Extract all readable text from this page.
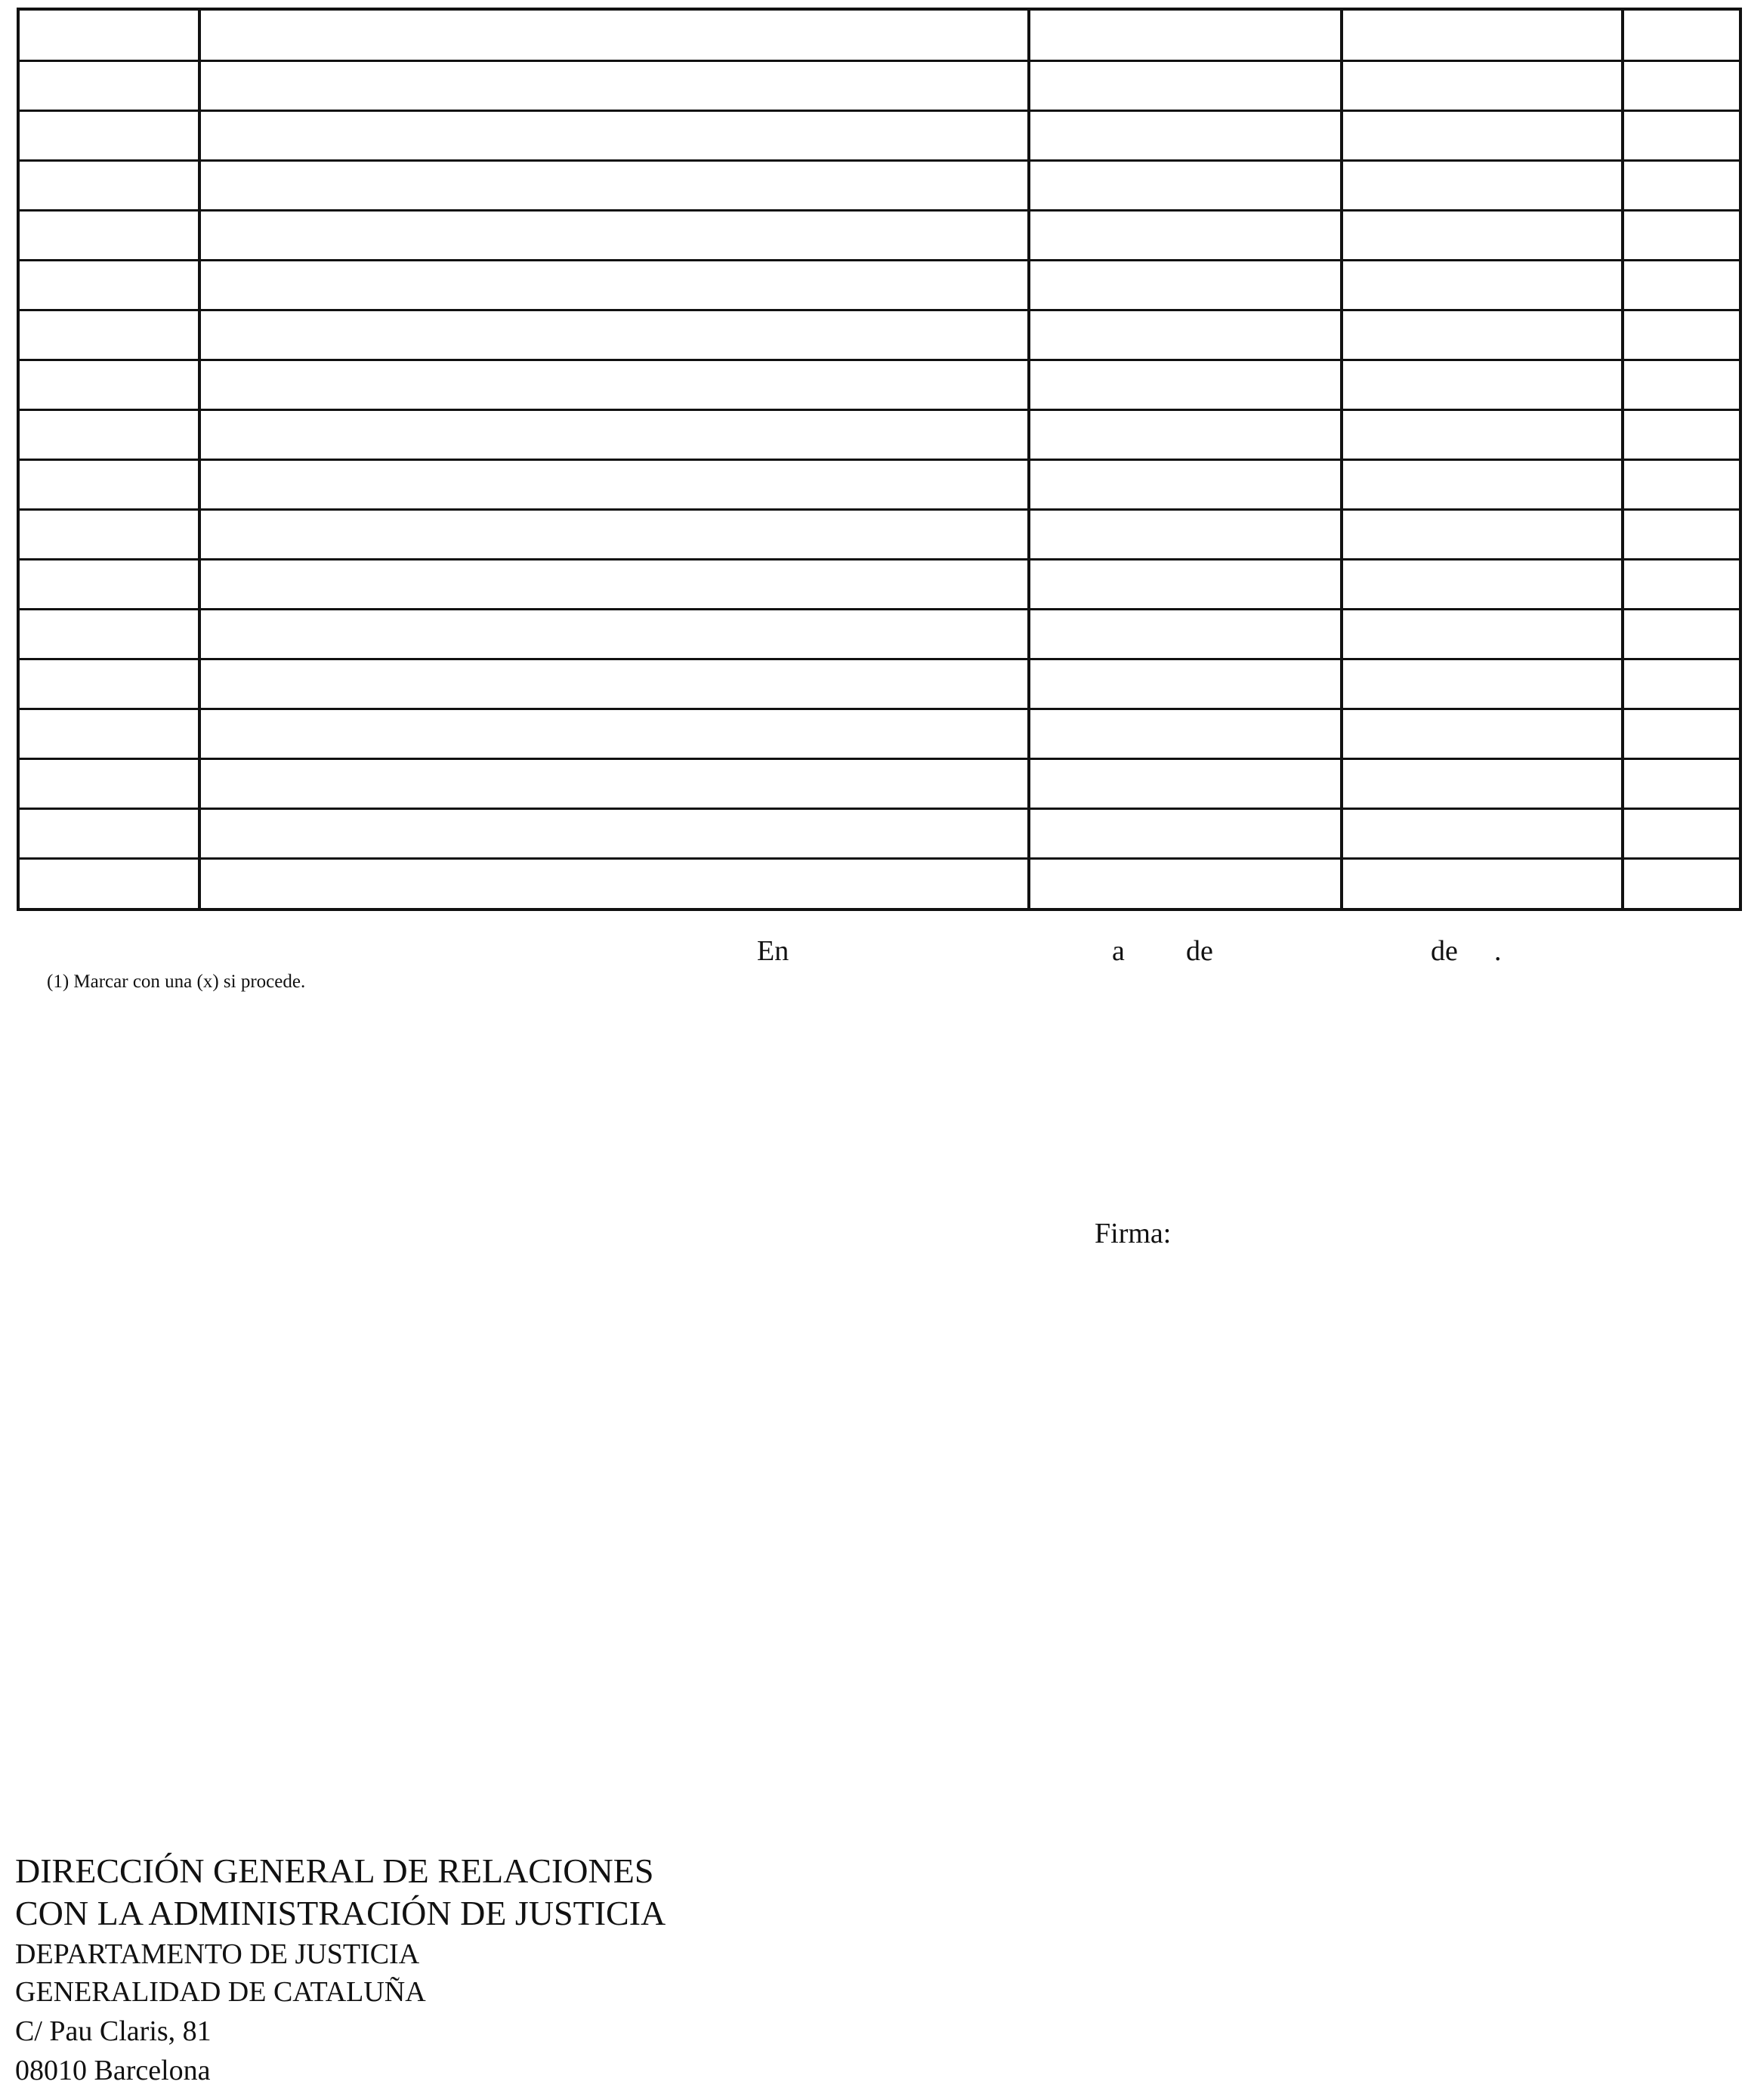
En	a de	de .
(1) Marcar con una (x) si procede.
Firma:
DIRECCIÓN GENERAL DE RELACIONES
CON LA ADMINISTRACIÓN DE JUSTICIA
DEPARTAMENTO DE JUSTICIA
GENERALIDAD DE CATALUÑA
C/ Pau Claris, 81
08010 Barcelona
